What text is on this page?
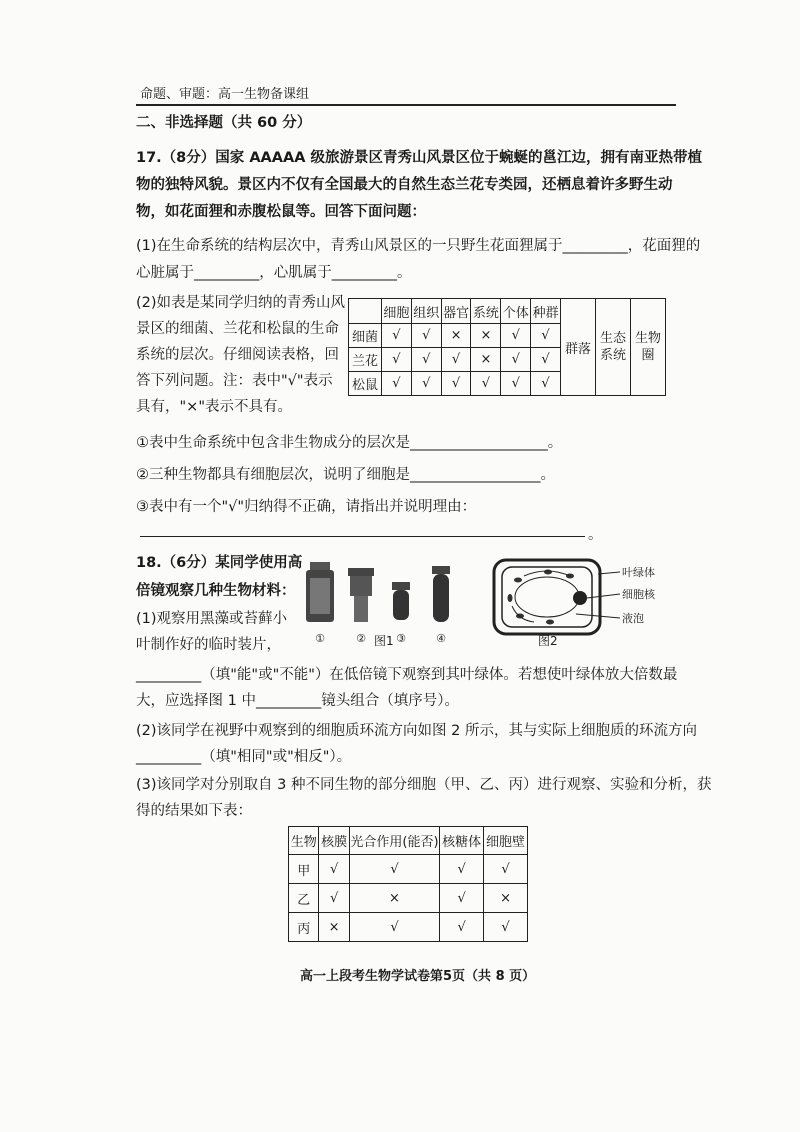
命题、审题：高一生物备课组
二、非选择题（共 60 分）
17.（8分）国家 AAAAA 级旅游景区青秀山风景区位于蜿蜒的邕江边，拥有南亚热带植
物的独特风貌。景区内不仅有全国最大的自然生态兰花专类园，还栖息着许多野生动
物，如花面狸和赤腹松鼠等。回答下面问题：
(1)在生命系统的结构层次中，青秀山风景区的一只野生花面狸属于_________，花面狸的
心脏属于_________，心肌属于_________。
(2)如表是某同学归纳的青秀山风
景区的细菌、兰花和松鼠的生命
系统的层次。仔细阅读表格，回
答下列问题。注：表中"√"表示
具有，"×"表示不具有。
	细胞	组织	器官	系统	个体	种群	群落	生态系统	生物圈
细菌	√	√	×	×	√	√			
兰花	√	√	√	×	√	√			
松鼠	√	√	√	√	√	√			
①表中生命系统中包含非生物成分的层次是___________________。
②三种生物都具有细胞层次，说明了细胞是__________________。
③表中有一个"√"归纳得不正确，请指出并说明理由：
。
18.（6分）某同学使用高
倍镜观察几种生物材料：
(1)观察用黑藻或苔藓小
叶制作好的临时装片，	①	②	③	④
图1
叶绿体
细胞核
液泡
图2
_________（填"能"或"不能"）在低倍镜下观察到其叶绿体。若想使叶绿体放大倍数最
大，应选择图 1 中_________镜头组合（填序号）。
(2)该同学在视野中观察到的细胞质环流方向如图 2 所示，其与实际上细胞质的环流方向
_________（填"相同"或"相反"）。
(3)该同学对分别取自 3 种不同生物的部分细胞（甲、乙、丙）进行观察、实验和分析，获
得的结果如下表：
生物	核膜	光合作用(能否)	核糖体	细胞壁
甲	√	√	√	√
乙	√	×	√	×
丙	×	√	√	√
高一上段考生物学试卷第5页（共 8 页）
